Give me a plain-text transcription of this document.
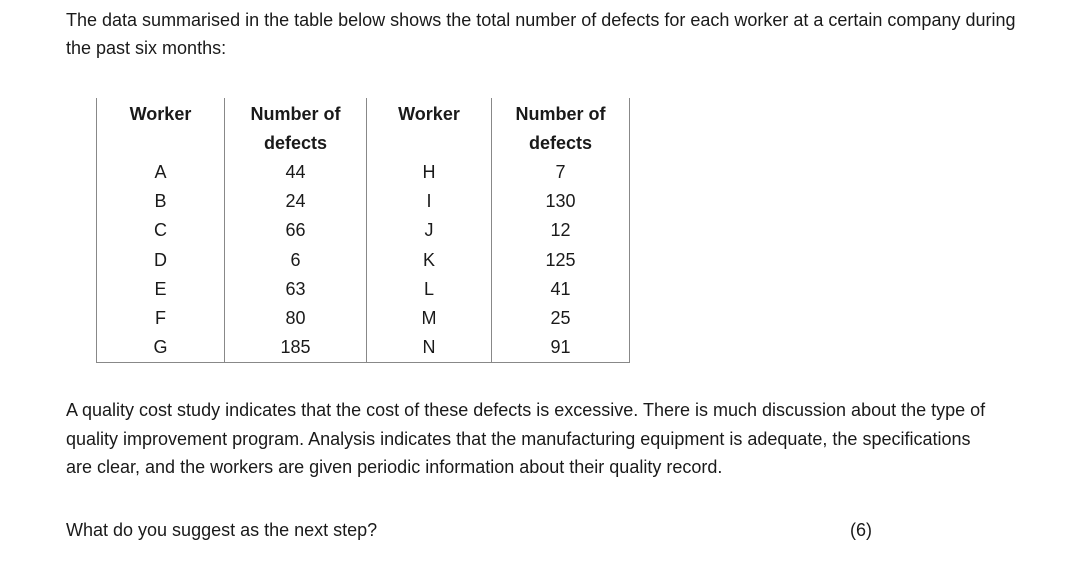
The data summarised in the table below shows the total number of defects for each worker at a certain company during the past six months:

Worker	Number of defects	Worker	Number of defects
A	44	H	7
B	24	I	130
C	66	J	12
D	6	K	125
E	63	L	41
F	80	M	25
G	185	N	91

A quality cost study indicates that the cost of these defects is excessive. There is much discussion about the type of quality improvement program. Analysis indicates that the manufacturing equipment is adequate, the specifications are clear, and the workers are given periodic information about their quality record.

What do you suggest as the next step?	(6)
